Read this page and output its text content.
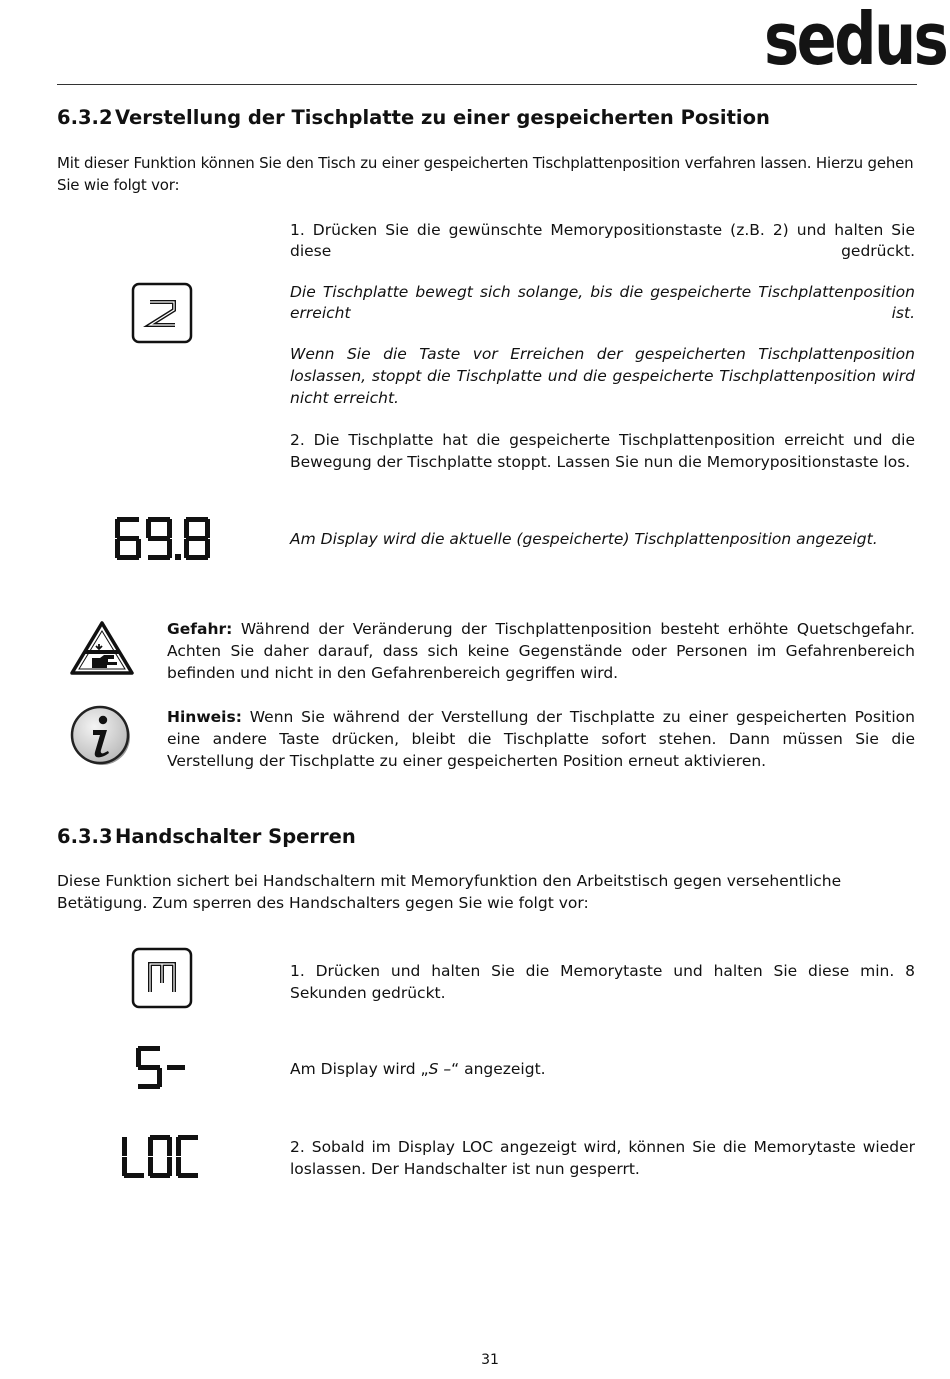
sedus
6.3.2 Verstellung der Tischplatte zu einer gespeicherten Position

Mit dieser Funktion können Sie den Tisch zu einer gespeicherten Tischplattenposition verfahren lassen. Hierzu gehen Sie wie folgt vor:

1. Drücken Sie die gewünschte Memorypositionstaste (z.B. 2) und halten Sie
diese	gedrückt.
Die Tischplatte bewegt sich solange, bis die gespeicherte Tischplattenposition
erreicht	ist.

Wenn Sie die Taste vor Erreichen der gespeicherten Tischplattenposition loslassen, stoppt die Tischplatte und die gespeicherte Tischplattenposition wird nicht erreicht.

2. Die Tischplatte hat die gespeicherte Tischplattenposition erreicht und die Bewegung der Tischplatte stoppt. Lassen Sie nun die Memorypositionstaste los.

Am Display wird die aktuelle (gespeicherte) Tischplattenposition angezeigt.

Gefahr: Während der Veränderung der Tischplattenposition besteht erhöhte Quetschgefahr. Achten Sie daher darauf, dass sich keine Gegenstände oder Personen im Gefahrenbereich befinden und nicht in den Gefahrenbereich gegriffen wird.

Hinweis: Wenn Sie während der Verstellung der Tischplatte zu einer gespeicherten Position eine andere Taste drücken, bleibt die Tischplatte sofort stehen. Dann müssen Sie die Verstellung der Tischplatte zu einer gespeicherten Position erneut aktivieren.

6.3.3 Handschalter Sperren

Diese Funktion sichert bei Handschaltern mit Memoryfunktion den Arbeitstisch gegen versehentliche Betätigung. Zum sperren des Handschalters gegen Sie wie folgt vor:

1. Drücken und halten Sie die Memorytaste und halten Sie diese min. 8 Sekunden gedrückt.

Am Display wird „S –“ angezeigt.

2. Sobald im Display LOC angezeigt wird, können Sie die Memorytaste wieder loslassen. Der Handschalter ist nun gesperrt.

31
